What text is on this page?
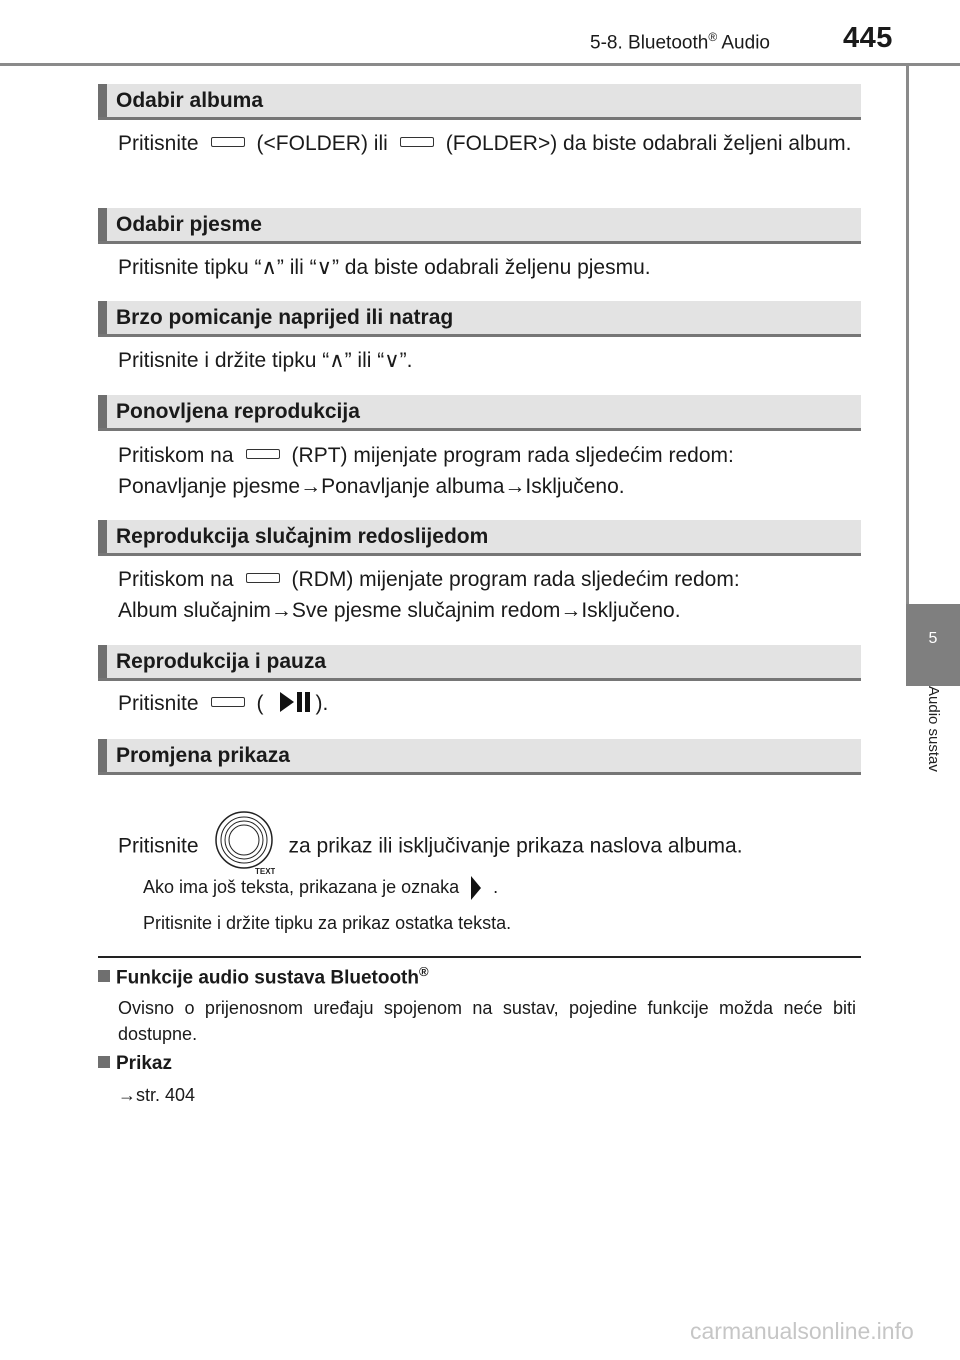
5-8. Bluetooth® Audio	445
5
Audio sustav
Odabir albuma
Pritisnite	(<FOLDER) ili	(FOLDER>) da biste odabrali željeni album.
Odabir pjesme
Pritisnite tipku “∧” ili “∨” da biste odabrali željenu pjesmu.
Brzo pomicanje naprijed ili natrag
Pritisnite i držite tipku “∧” ili “∨”.
Ponovljena reprodukcija
Pritiskom na	(RPT) mijenjate program rada sljedećim redom:
Ponavljanje pjesme→Ponavljanje albuma→Isključeno.
Reprodukcija slučajnim redoslijedom
Pritiskom na	(RDM) mijenjate program rada sljedećim redom:
Album slučajnim→Sve pjesme slučajnim redom→Isključeno.
Reprodukcija i pauza
Pritisnite	( ).
Promjena prikaza
Pritisnite
TEXT
za prikaz ili isključivanje prikaza naslova albuma.
Ako ima još teksta, prikazana je oznaka .
Pritisnite i držite tipku za prikaz ostatka teksta.
Funkcije audio sustava Bluetooth®
Ovisno o prijenosnom uređaju spojenom na sustav, pojedine funkcije možda neće biti dostupne.
Prikaz
→str. 404
carmanualsonline.info
